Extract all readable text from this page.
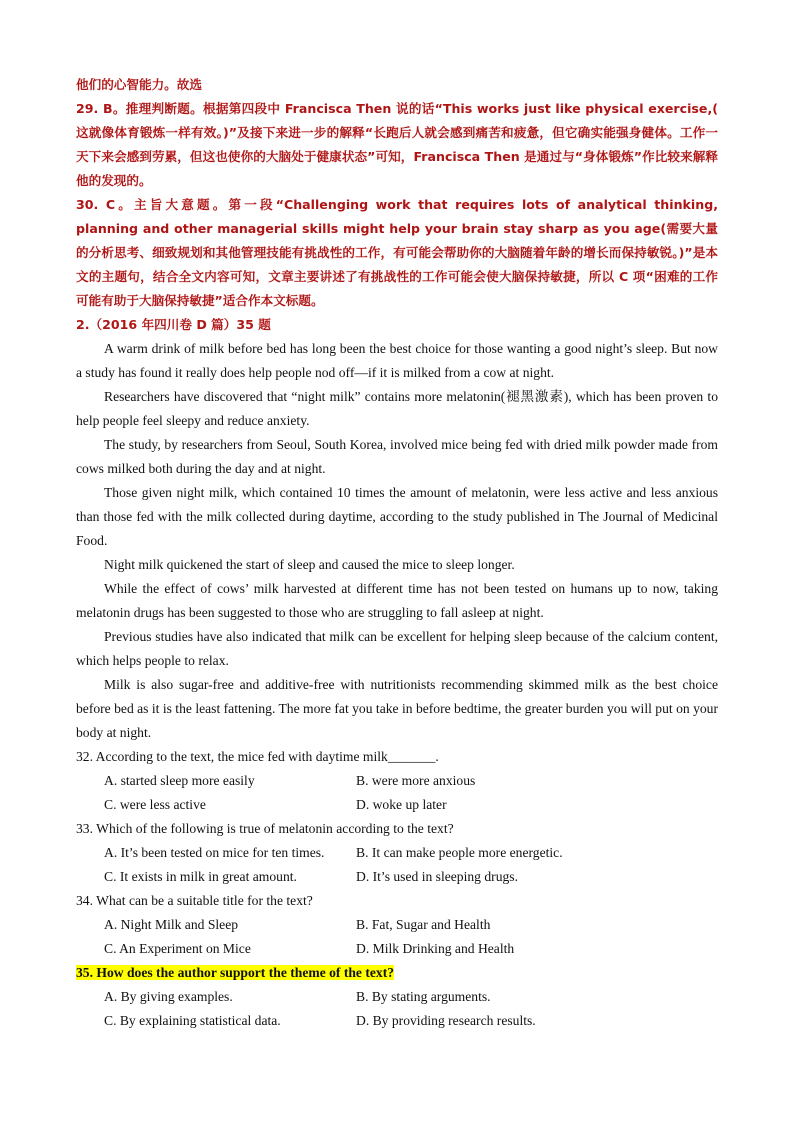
他们的心智能力。故选

29. B。推理判断题。根据第四段中 Francisca Then 说的话“This works just like physical exercise,( 这就像体育锻炼一样有效。)”及接下来进一步的解释“长跑后人就会感到痛苦和疲惫，但它确实能强身健体。工作一天下来会感到劳累，但这也使你的大脑处于健康状态”可知，Francisca Then 是通过与“身体锻炼”作比较来解释他的发现的。

30. C。主旨大意题。第一段“Challenging work that requires lots of analytical thinking, planning and other managerial skills might help your brain stay sharp as you age(需要大量的分析思考、细致规划和其他管理技能有挑战性的工作，有可能会帮助你的大脑随着年龄的增长而保持敏锐。)”是本文的主题句，结合全文内容可知，文章主要讲述了有挑战性的工作可能会使大脑保持敏捷，所以 C 项“困难的工作可能有助于大脑保持敏捷”适合作本文标题。

2.（2016 年四川卷 D 篇）35 题

A warm drink of milk before bed has long been the best choice for those wanting a good night’s sleep. But now a study has found it really does help people nod off—if it is milked from a cow at night.

Researchers have discovered that “night milk” contains more melatonin(褪黑激素), which has been proven to help people feel sleepy and reduce anxiety.

The study, by researchers from Seoul, South Korea, involved mice being fed with dried milk powder made from cows milked both during the day and at night.

Those given night milk, which contained 10 times the amount of melatonin, were less active and less anxious than those fed with the milk collected during daytime, according to the study published in The Journal of Medicinal Food.

Night milk quickened the start of sleep and caused the mice to sleep longer.

While the effect of cows’ milk harvested at different time has not been tested on humans up to now, taking melatonin drugs has been suggested to those who are struggling to fall asleep at night.

Previous studies have also indicated that milk can be excellent for helping sleep because of the calcium content, which helps people to relax.

Milk is also sugar-free and additive-free with nutritionists recommending skimmed milk as the best choice before bed as it is the least fattening. The more fat you take in before bedtime, the greater burden you will put on your body at night.

32. According to the text, the mice fed with daytime milk_______.

A. started sleep more easily	B. were more anxious
C. were less active	D. woke up later

33. Which of the following is true of melatonin according to the text?

A. It’s been tested on mice for ten times.	B. It can make people more energetic.
C. It exists in milk in great amount.	D. It’s used in sleeping drugs.

34. What can be a suitable title for the text?

A. Night Milk and Sleep	B. Fat, Sugar and Health
C. An Experiment on Mice	D. Milk Drinking and Health

35. How does the author support the theme of the text?

A. By giving examples.	B. By stating arguments.
C. By explaining statistical data.	D. By providing research results.
